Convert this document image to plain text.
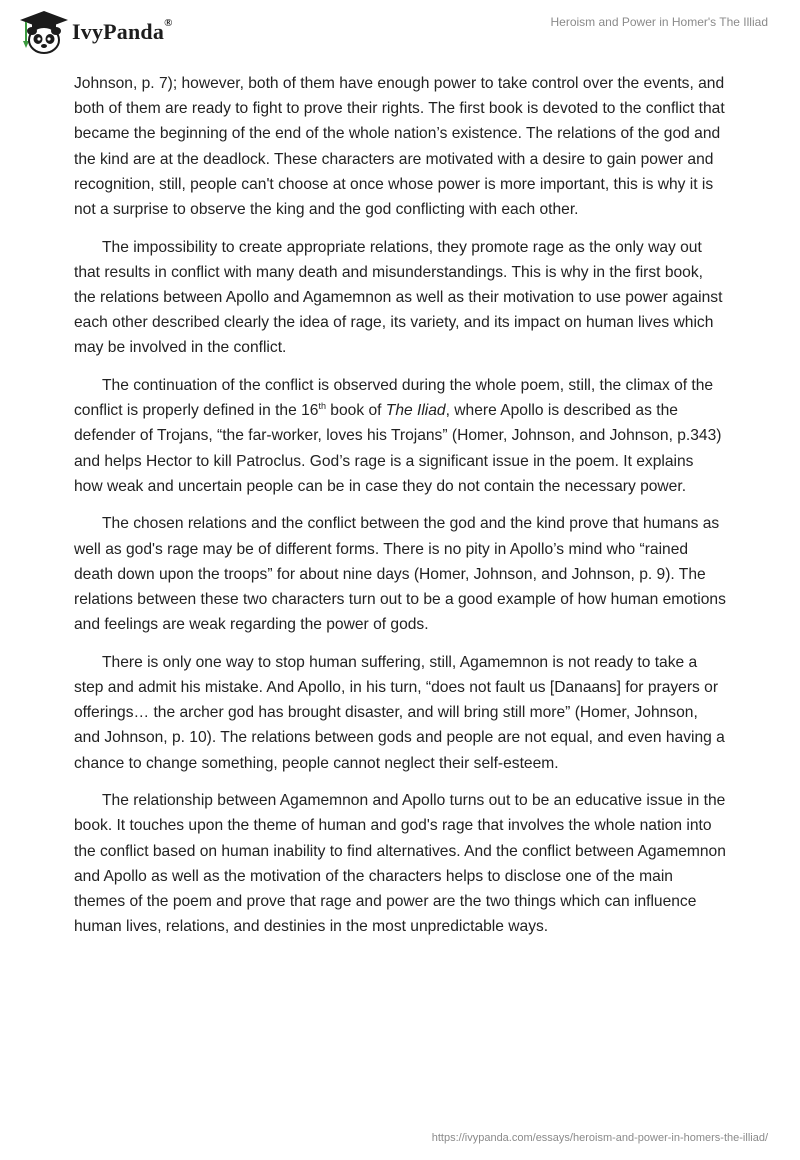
IvyPanda®	Heroism and Power in Homer's The Illiad

Johnson, p. 7); however, both of them have enough power to take control over the events, and both of them are ready to fight to prove their rights. The first book is devoted to the conflict that became the beginning of the end of the whole nation’s existence. The relations of the god and the kind are at the deadlock. These characters are motivated with a desire to gain power and recognition, still, people can't choose at once whose power is more important, this is why it is not a surprise to observe the king and the god conflicting with each other.

The impossibility to create appropriate relations, they promote rage as the only way out that results in conflict with many death and misunderstandings. This is why in the first book, the relations between Apollo and Agamemnon as well as their motivation to use power against each other described clearly the idea of rage, its variety, and its impact on human lives which may be involved in the conflict.

The continuation of the conflict is observed during the whole poem, still, the climax of the conflict is properly defined in the 16th book of The Iliad, where Apollo is described as the defender of Trojans, “the far-worker, loves his Trojans” (Homer, Johnson, and Johnson, p.343) and helps Hector to kill Patroclus. God’s rage is a significant issue in the poem. It explains how weak and uncertain people can be in case they do not contain the necessary power.

The chosen relations and the conflict between the god and the kind prove that humans as well as god's rage may be of different forms. There is no pity in Apollo’s mind who “rained death down upon the troops” for about nine days (Homer, Johnson, and Johnson, p. 9). The relations between these two characters turn out to be a good example of how human emotions and feelings are weak regarding the power of gods.

There is only one way to stop human suffering, still, Agamemnon is not ready to take a step and admit his mistake. And Apollo, in his turn, “does not fault us [Danaans] for prayers or offerings… the archer god has brought disaster, and will bring still more” (Homer, Johnson, and Johnson, p. 10). The relations between gods and people are not equal, and even having a chance to change something, people cannot neglect their self-esteem.

The relationship between Agamemnon and Apollo turns out to be an educative issue in the book. It touches upon the theme of human and god's rage that involves the whole nation into the conflict based on human inability to find alternatives. And the conflict between Agamemnon and Apollo as well as the motivation of the characters helps to disclose one of the main themes of the poem and prove that rage and power are the two things which can influence human lives, relations, and destinies in the most unpredictable ways.

https://ivypanda.com/essays/heroism-and-power-in-homers-the-illiad/
